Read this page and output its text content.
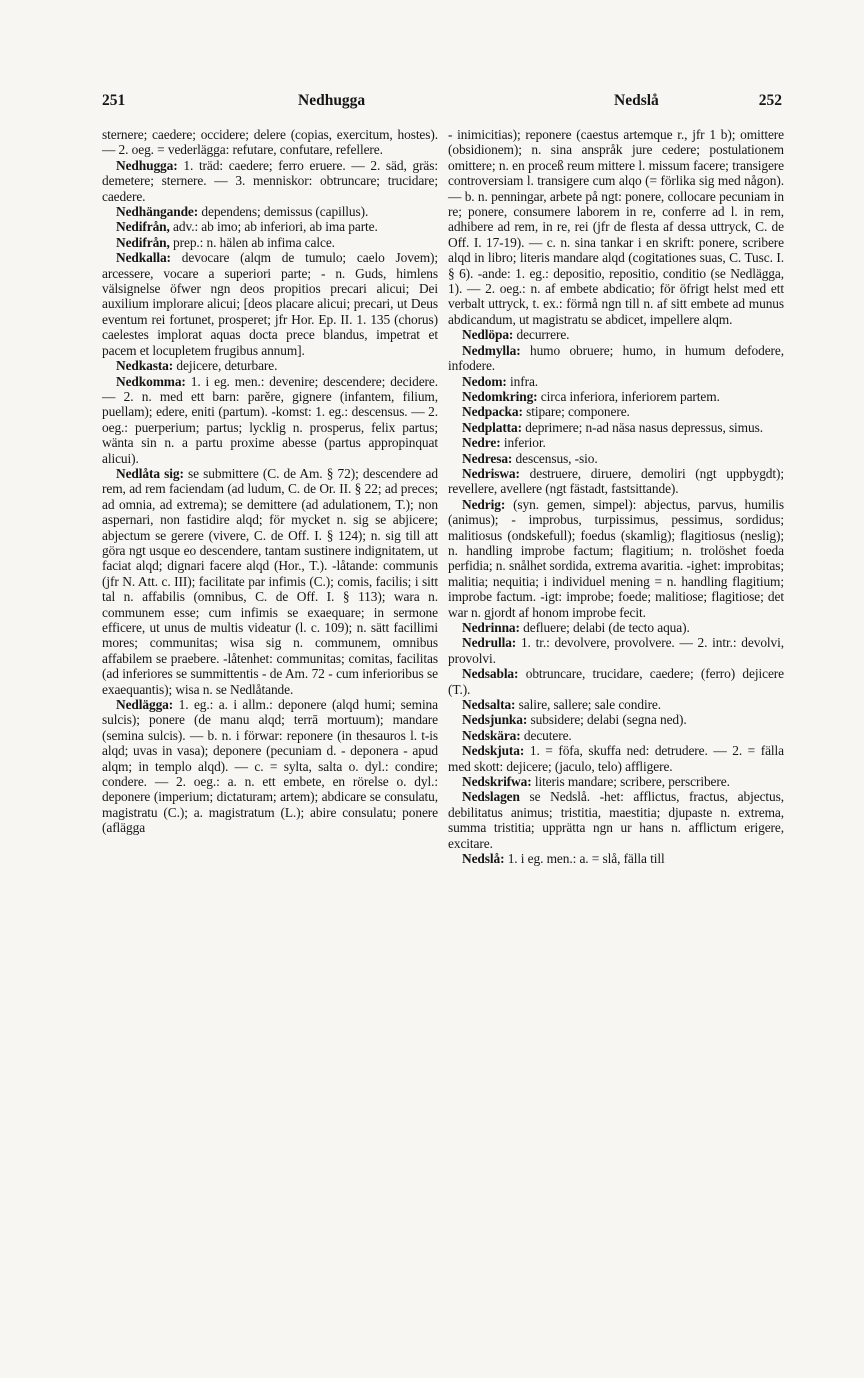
251	Nedhugga	Nedslå	252

sternere; caedere; occidere; delere (copias, exercitum, hostes). — 2. oeg. = vederlägga: refutare, confutare, refellere.

Nedhugga: 1. träd: caedere; ferro eruere. — 2. säd, gräs: demetere; sternere. — 3. menniskor: obtruncare; trucidare; caedere.

Nedhängande: dependens; demissus (capillus).

Nedifrån, adv.: ab imo; ab inferiori, ab ima parte.

Nedifrån, prep.: n. hälen ab infima calce.

Nedkalla: devocare (alqm de tumulo; caelo Jovem); arcessere, vocare a superiori parte; - n. Guds, himlens välsignelse öfwer ngn deos propitios precari alicui; Dei auxilium implorare alicui; [deos placare alicui; precari, ut Deus eventum rei fortunet, prosperet; jfr Hor. Ep. II. 1. 135 (chorus) caelestes implorat aquas docta prece blandus, impetrat et pacem et locupletem frugibus annum].

Nedkasta: dejicere, deturbare.

Nedkomma: 1. i eg. men.: devenire; descendere; decidere. — 2. n. med ett barn: parĕre, gignere (infantem, filium, puellam); edere, eniti (partum). -komst: 1. eg.: descensus. — 2. oeg.: puerperium; partus; lycklig n. prosperus, felix partus; wänta sin n. a partu proxime abesse (partus appropinquat alicui).

Nedlåta sig: se submittere (C. de Am. § 72); descendere ad rem, ad rem faciendam (ad ludum, C. de Or. II. § 22; ad preces; ad omnia, ad extrema); se demittere (ad adulationem, T.); non aspernari, non fastidire alqd; för mycket n. sig se abjicere; abjectum se gerere (vivere, C. de Off. I. § 124); n. sig till att göra ngt usque eo descendere, tantam sustinere indignitatem, ut faciat alqd; dignari facere alqd (Hor., T.). -låtande: communis (jfr N. Att. c. III); facilitate par infimis (C.); comis, facilis; i sitt tal n. affabilis (omnibus, C. de Off. I. § 113); wara n. communem esse; cum infimis se exaequare; in sermone efficere, ut unus de multis videatur (l. c. 109); n. sätt facillimi mores; communitas; wisa sig n. communem, omnibus affabilem se praebere. -låtenhet: communitas; comitas, facilitas (ad inferiores se summittentis - de Am. 72 - cum inferioribus se exaequantis); wisa n. se Nedlåtande.

Nedlägga: 1. eg.: a. i allm.: deponere (alqd humi; semina sulcis); ponere (de manu alqd; terrā mortuum); mandare (semina sulcis). — b. n. i förwar: reponere (in thesauros l. t-is alqd; uvas in vasa); deponere (pecuniam d. - deponera - apud alqm; in templo alqd). — c. = sylta, salta o. dyl.: condire; condere. — 2. oeg.: a. n. ett embete, en rörelse o. dyl.: deponere (imperium; dictaturam; artem); abdicare se consulatu, magistratu (C.); a. magistratum (L.); abire consulatu; ponere (aflägga

- inimicitias); reponere (caestus artemque r., jfr 1 b); omittere (obsidionem); n. sina anspråk jure cedere; postulationem omittere; n. en proceß reum mittere l. missum facere; transigere controversiam l. transigere cum alqo (= förlika sig med någon). — b. n. penningar, arbete på ngt: ponere, collocare pecuniam in re; ponere, consumere laborem in re, conferre ad l. in rem, adhibere ad rem, in re, rei (jfr de flesta af dessa uttryck, C. de Off. I. 17-19). — c. n. sina tankar i en skrift: ponere, scribere alqd in libro; literis mandare alqd (cogitationes suas, C. Tusc. I. § 6). -ande: 1. eg.: depositio, repositio, conditio (se Nedlägga, 1). — 2. oeg.: n. af embete abdicatio; för öfrigt helst med ett verbalt uttryck, t. ex.: förmå ngn till n. af sitt embete ad munus abdicandum, ut magistratu se abdicet, impellere alqm.

Nedlöpa: decurrere.

Nedmylla: humo obruere; humo, in humum defodere, infodere.

Nedom: infra.

Nedomkring: circa inferiora, inferiorem partem.

Nedpacka: stipare; componere.

Nedplatta: deprimere; n-ad näsa nasus depressus, simus.

Nedre: inferior.

Nedresa: descensus, -sio.

Nedriswa: destruere, diruere, demoliri (ngt uppbygdt); revellere, avellere (ngt fästadt, fastsittande).

Nedrig: (syn. gemen, simpel): abjectus, parvus, humilis (animus); - improbus, turpissimus, pessimus, sordidus; malitiosus (ondskefull); foedus (skamlig); flagitiosus (neslig); n. handling improbe factum; flagitium; n. trolöshet foeda perfidia; n. snålhet sordida, extrema avaritia. -ighet: improbitas; malitia; nequitia; i individuel mening = n. handling flagitium; improbe factum. -igt: improbe; foede; malitiose; flagitiose; det war n. gjordt af honom improbe fecit.

Nedrinna: defluere; delabi (de tecto aqua).

Nedrulla: 1. tr.: devolvere, provolvere. — 2. intr.: devolvi, provolvi.

Nedsabla: obtruncare, trucidare, caedere; (ferro) dejicere (T.).

Nedsalta: salire, sallere; sale condire.

Nedsjunka: subsidere; delabi (segna ned).

Nedskära: decutere.

Nedskjuta: 1. = föfa, skuffa ned: detrudere. — 2. = fälla med skott: dejicere; (jaculo, telo) affligere.

Nedskrifwa: literis mandare; scribere, perscribere.

Nedslagen se Nedslå. -het: afflictus, fractus, abjectus, debilitatus animus; tristitia, maestitia; djupaste n. extrema, summa tristitia; upprätta ngn ur hans n. afflictum erigere, excitare.

Nedslå: 1. i eg. men.: a. = slå, fälla till
